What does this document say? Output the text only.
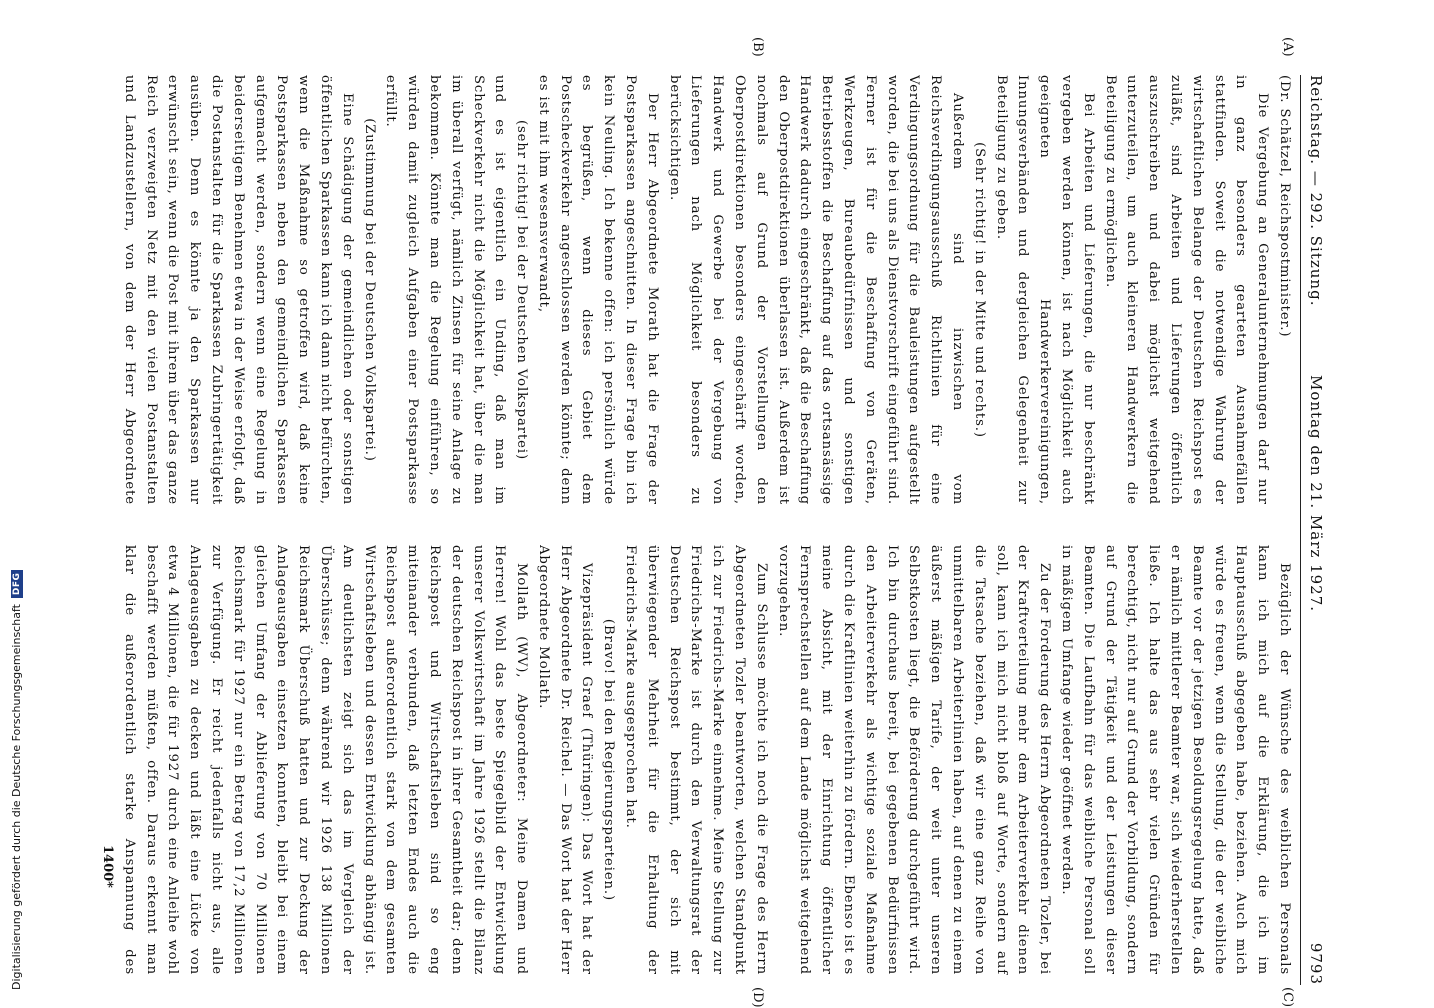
Digitalisierung gefördert durch die Deutsche Forschungsgemeinschaft
DFG
Reichstag. — 292. Sitzung.
Montag den 21. März 1927.
9793
(A)
(B)
(C)
(D)

(Dr. Schätzel, Reichspostminister.)

Die Vergebung an Generalunternehmungen darf nur in ganz besonders gearteten Ausnahmefällen stattfinden. Soweit die notwendige Wahrung der wirtschaftlichen Belange der Deutschen Reichspost es zuläßt, sind Arbeiten und Lieferungen öffentlich auszuschreiben und dabei möglichst weitgehend unterzuteilen, um auch kleineren Handwerkern die Beteiligung zu ermöglichen.

Bei Arbeiten und Lieferungen, die nur beschränkt vergeben werden können, ist nach Möglichkeit auch geeigneten Handwerkervereinigungen, Innungsverbänden und dergleichen Gelegenheit zur Beteiligung zu geben.

(Sehr richtig! in der Mitte und rechts.)

Außerdem sind inzwischen vom Reichsverdingungsausschuß Richtlinien für eine Verdingungsordnung für die Bauleistungen aufgestellt worden, die bei uns als Dienstvorschrift eingeführt sind. Ferner ist für die Beschaffung von Geräten, Werkzeugen, Bureaubedürfnissen und sonstigen Betriebsstoffen die Beschaffung auf das ortsansässige Handwerk dadurch eingeschränkt, daß die Beschaffung den Oberpostdirektionen überlassen ist. Außerdem ist nochmals auf Grund der Vorstellungen den Oberpostdirektionen besonders eingeschärft worden, Handwerk und Gewerbe bei der Vergebung von Lieferungen nach Möglichkeit besonders zu berücksichtigen.

Der Herr Abgeordnete Morath hat die Frage der Postsparkassen angeschnitten. In dieser Frage bin ich kein Neuling. Ich bekenne offen: ich persönlich würde es begrüßen, wenn dieses Gebiet dem Postscheckverkehr angeschlossen werden könnte; denn es ist mit ihm wesensverwandt,

(sehr richtig! bei der Deutschen Volkspartei)

und es ist eigentlich ein Unding, daß man im Scheckverkehr nicht die Möglichkeit hat, über die man im überall verfügt, nämlich Zinsen für seine Anlage zu bekommen. Könnte man die Regelung einführen, so würden damit zugleich Aufgaben einer Postsparkasse erfüllt.

(Zustimmung bei der Deutschen Volkspartei.)

Eine Schädigung der gemeindlichen oder sonstigen öffentlichen Sparkassen kann ich dann nicht befürchten, wenn die Maßnahme so getroffen wird, daß keine Postsparkassen neben den gemeindlichen Sparkassen aufgemacht werden, sondern wenn eine Regelung in beiderseitigem Benehmen etwa in der Weise erfolgt, daß die Postanstalten für die Sparkassen Zubringertätigkeit ausüben. Denn es könnte ja den Sparkassen nur erwünscht sein, wenn die Post mit ihrem über das ganze Reich verzweigten Netz mit den vielen Postanstalten und Landzustellern, von dem der Herr Abgeordnete

Bezüglich der Wünsche des weiblichen Personals kann ich mich auf die Erklärung, die ich im Hauptausschuß abgegeben habe, beziehen. Auch mich würde es freuen, wenn die Stellung, die der weibliche Beamte vor der jetzigen Besoldungsregelung hatte, daß er nämlich mittlerer Beamter war, sich wiederherstellen ließe. Ich halte das aus sehr vielen Gründen für berechtigt, nicht nur auf Grund der Vorbildung, sondern auf Grund der Tätigkeit und der Leistungen dieser Beamten. Die Laufbahn für das weibliche Personal soll in mäßigem Umfange wieder geöffnet werden.

Zu der Forderung des Herrn Abgeordneten Tozler, bei der Kraftverteilung mehr dem Arbeiterverkehr dienen soll, kann ich mich nicht bloß auf Worte, sondern auf die Tatsache beziehen, daß wir eine ganz Reihe von unmittelbaren Arbeiterlinien haben, auf denen zu einem äußerst mäßigen Tarife, der weit unter unseren Selbstkosten liegt, die Beförderung durchgeführt wird. Ich bin durchaus bereit, bei gegebenen Bedürfnissen den Arbeiterverkehr als wichtige soziale Maßnahme durch die Kraftlinien weiterhin zu fördern. Ebenso ist es meine Absicht, mit der Einrichtung öffentlicher Fernsprechstellen auf dem Lande möglichst weitgehend vorzugehen.

Zum Schlusse möchte ich noch die Frage des Herrn Abgeordneten Tozler beantworten, welchen Standpunkt ich zur Friedrichs-Marke einnehme. Meine Stellung zur Friedrichs-Marke ist durch den Verwaltungsrat der Deutschen Reichspost bestimmt, der sich mit überwiegender Mehrheit für die Erhaltung der Friedrichs-Marke ausgesprochen hat.

(Bravo! bei den Regierungsparteien.)

Vizepräsident Graef (Thüringen): Das Wort hat der Herr Abgeordnete Dr. Reichel. — Das Wort hat der Herr Abgeordnete Mollath.

Mollath (WV), Abgeordneter: Meine Damen und Herren! Wohl das beste Spiegelbild der Entwicklung unserer Volkswirtschaft im Jahre 1926 stellt die Bilanz der deutschen Reichspost in ihrer Gesamtheit dar; denn Reichspost und Wirtschaftsleben sind so eng miteinander verbunden, daß letzten Endes auch die Reichspost außerordentlich stark von dem gesamten Wirtschaftsleben und dessen Entwicklung abhängig ist. Am deutlichsten zeigt sich das im Vergleich der Überschüsse; denn während wir 1926 138 Millionen Reichsmark Überschuß hatten und zur Deckung der Anlageausgaben einsetzen konnten, bleibt bei einem gleichen Umfang der Ablieferung von 70 Millionen Reichsmark für 1927 nur ein Betrag von 17,2 Millionen zur Verfügung. Er reicht jedenfalls nicht aus, alle Anlageausgaben zu decken und läßt eine Lücke von etwa 4 Millionen, die für 1927 durch eine Anleihe wohl beschafft werden müßten, offen. Daraus erkennt man klar die außerordentlich starke Anspannung des

1400*
